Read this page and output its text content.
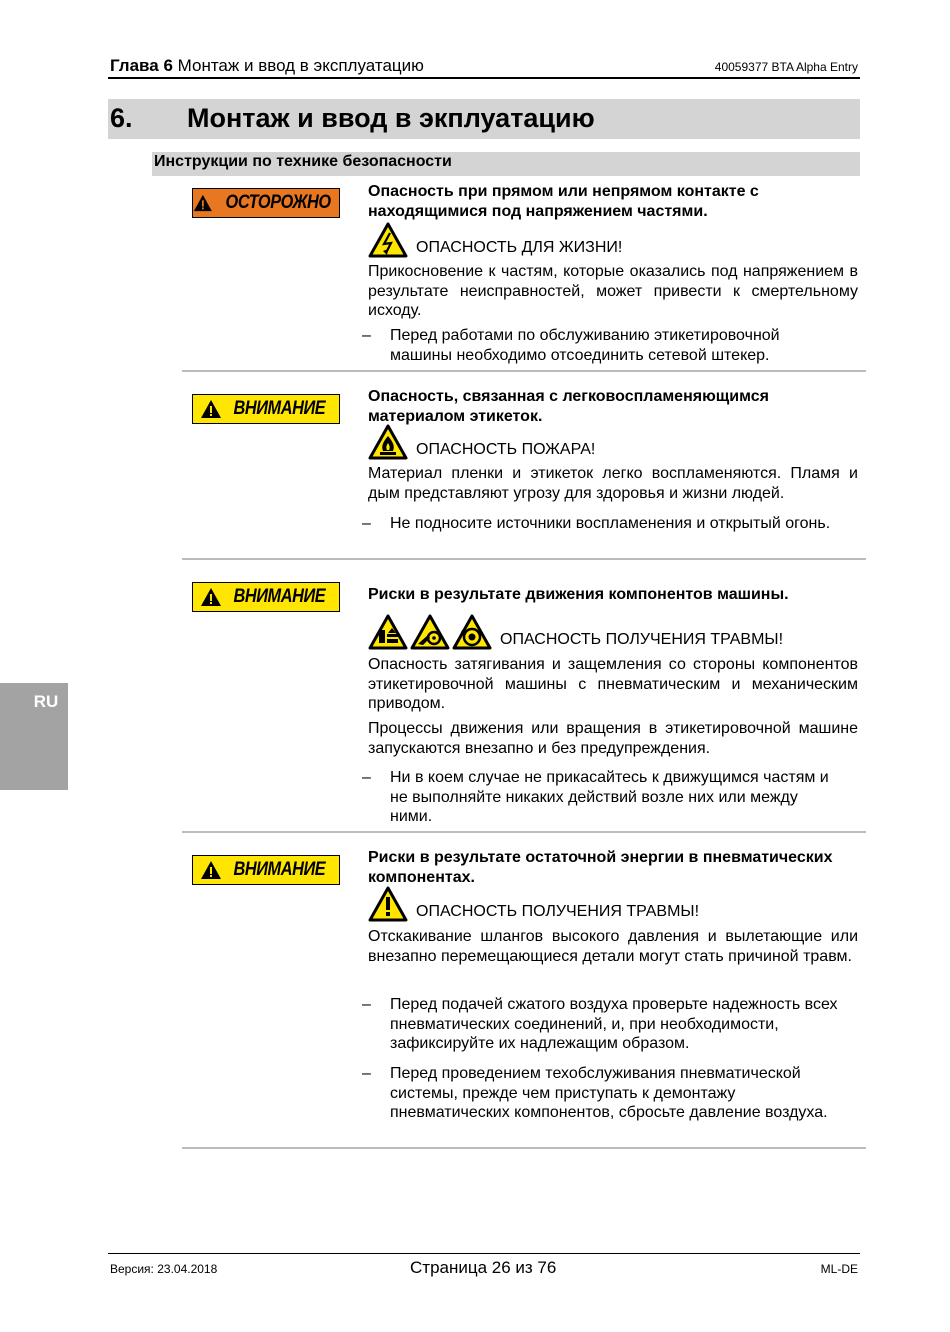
Глава 6 Монтаж и ввод в эксплуатацию	40059377 BTA Alpha Entry
6. Монтаж и ввод в экплуатацию
Инструкции по технике безопасности
RU
ОСТОРОЖНО
Опасность при прямом или непрямом контакте с находящимися под напряжением частями.
ОПАСНОСТЬ ДЛЯ ЖИЗНИ!
Прикосновение к частям, которые оказались под напряжением в результате неисправностей, может привести к смертельному исходу.
– Перед работами по обслуживанию этикетировочной машины необходимо отсоединить сетевой штекер.
ВНИМАНИЕ
Опасность, связанная с легковоспламеняющимся материалом этикеток.
ОПАСНОСТЬ ПОЖАРА!
Материал пленки и этикеток легко воспламеняются. Пламя и дым представляют угрозу для здоровья и жизни людей.
– Не подносите источники воспламенения и открытый огонь.
ВНИМАНИЕ	Риски в результате движения компонентов машины.
ОПАСНОСТЬ ПОЛУЧЕНИЯ ТРАВМЫ!
Опасность затягивания и защемления со стороны компонентов этикетировочной машины с пневматическим и механическим приводом.
Процессы движения или вращения в этикетировочной машине запускаются внезапно и без предупреждения.
– Ни в коем случае не прикасайтесь к движущимся частям и не выполняйте никаких действий возле них или между ними.
ВНИМАНИЕ
Риски в результате остаточной энергии в пневматических компонентах.
ОПАСНОСТЬ ПОЛУЧЕНИЯ ТРАВМЫ!
Отскакивание шлангов высокого давления и вылетающие или внезапно перемещающиеся детали могут стать причиной травм.
– Перед подачей сжатого воздуха проверьте надежность всех пневматических соединений, и, при необходимости, зафиксируйте их надлежащим образом.
– Перед проведением техобслуживания пневматической системы, прежде чем приступать к демонтажу пневматических компонентов, сбросьте давление воздуха.
Версия: 23.04.2018	Страница 26 из 76	ML-DE
